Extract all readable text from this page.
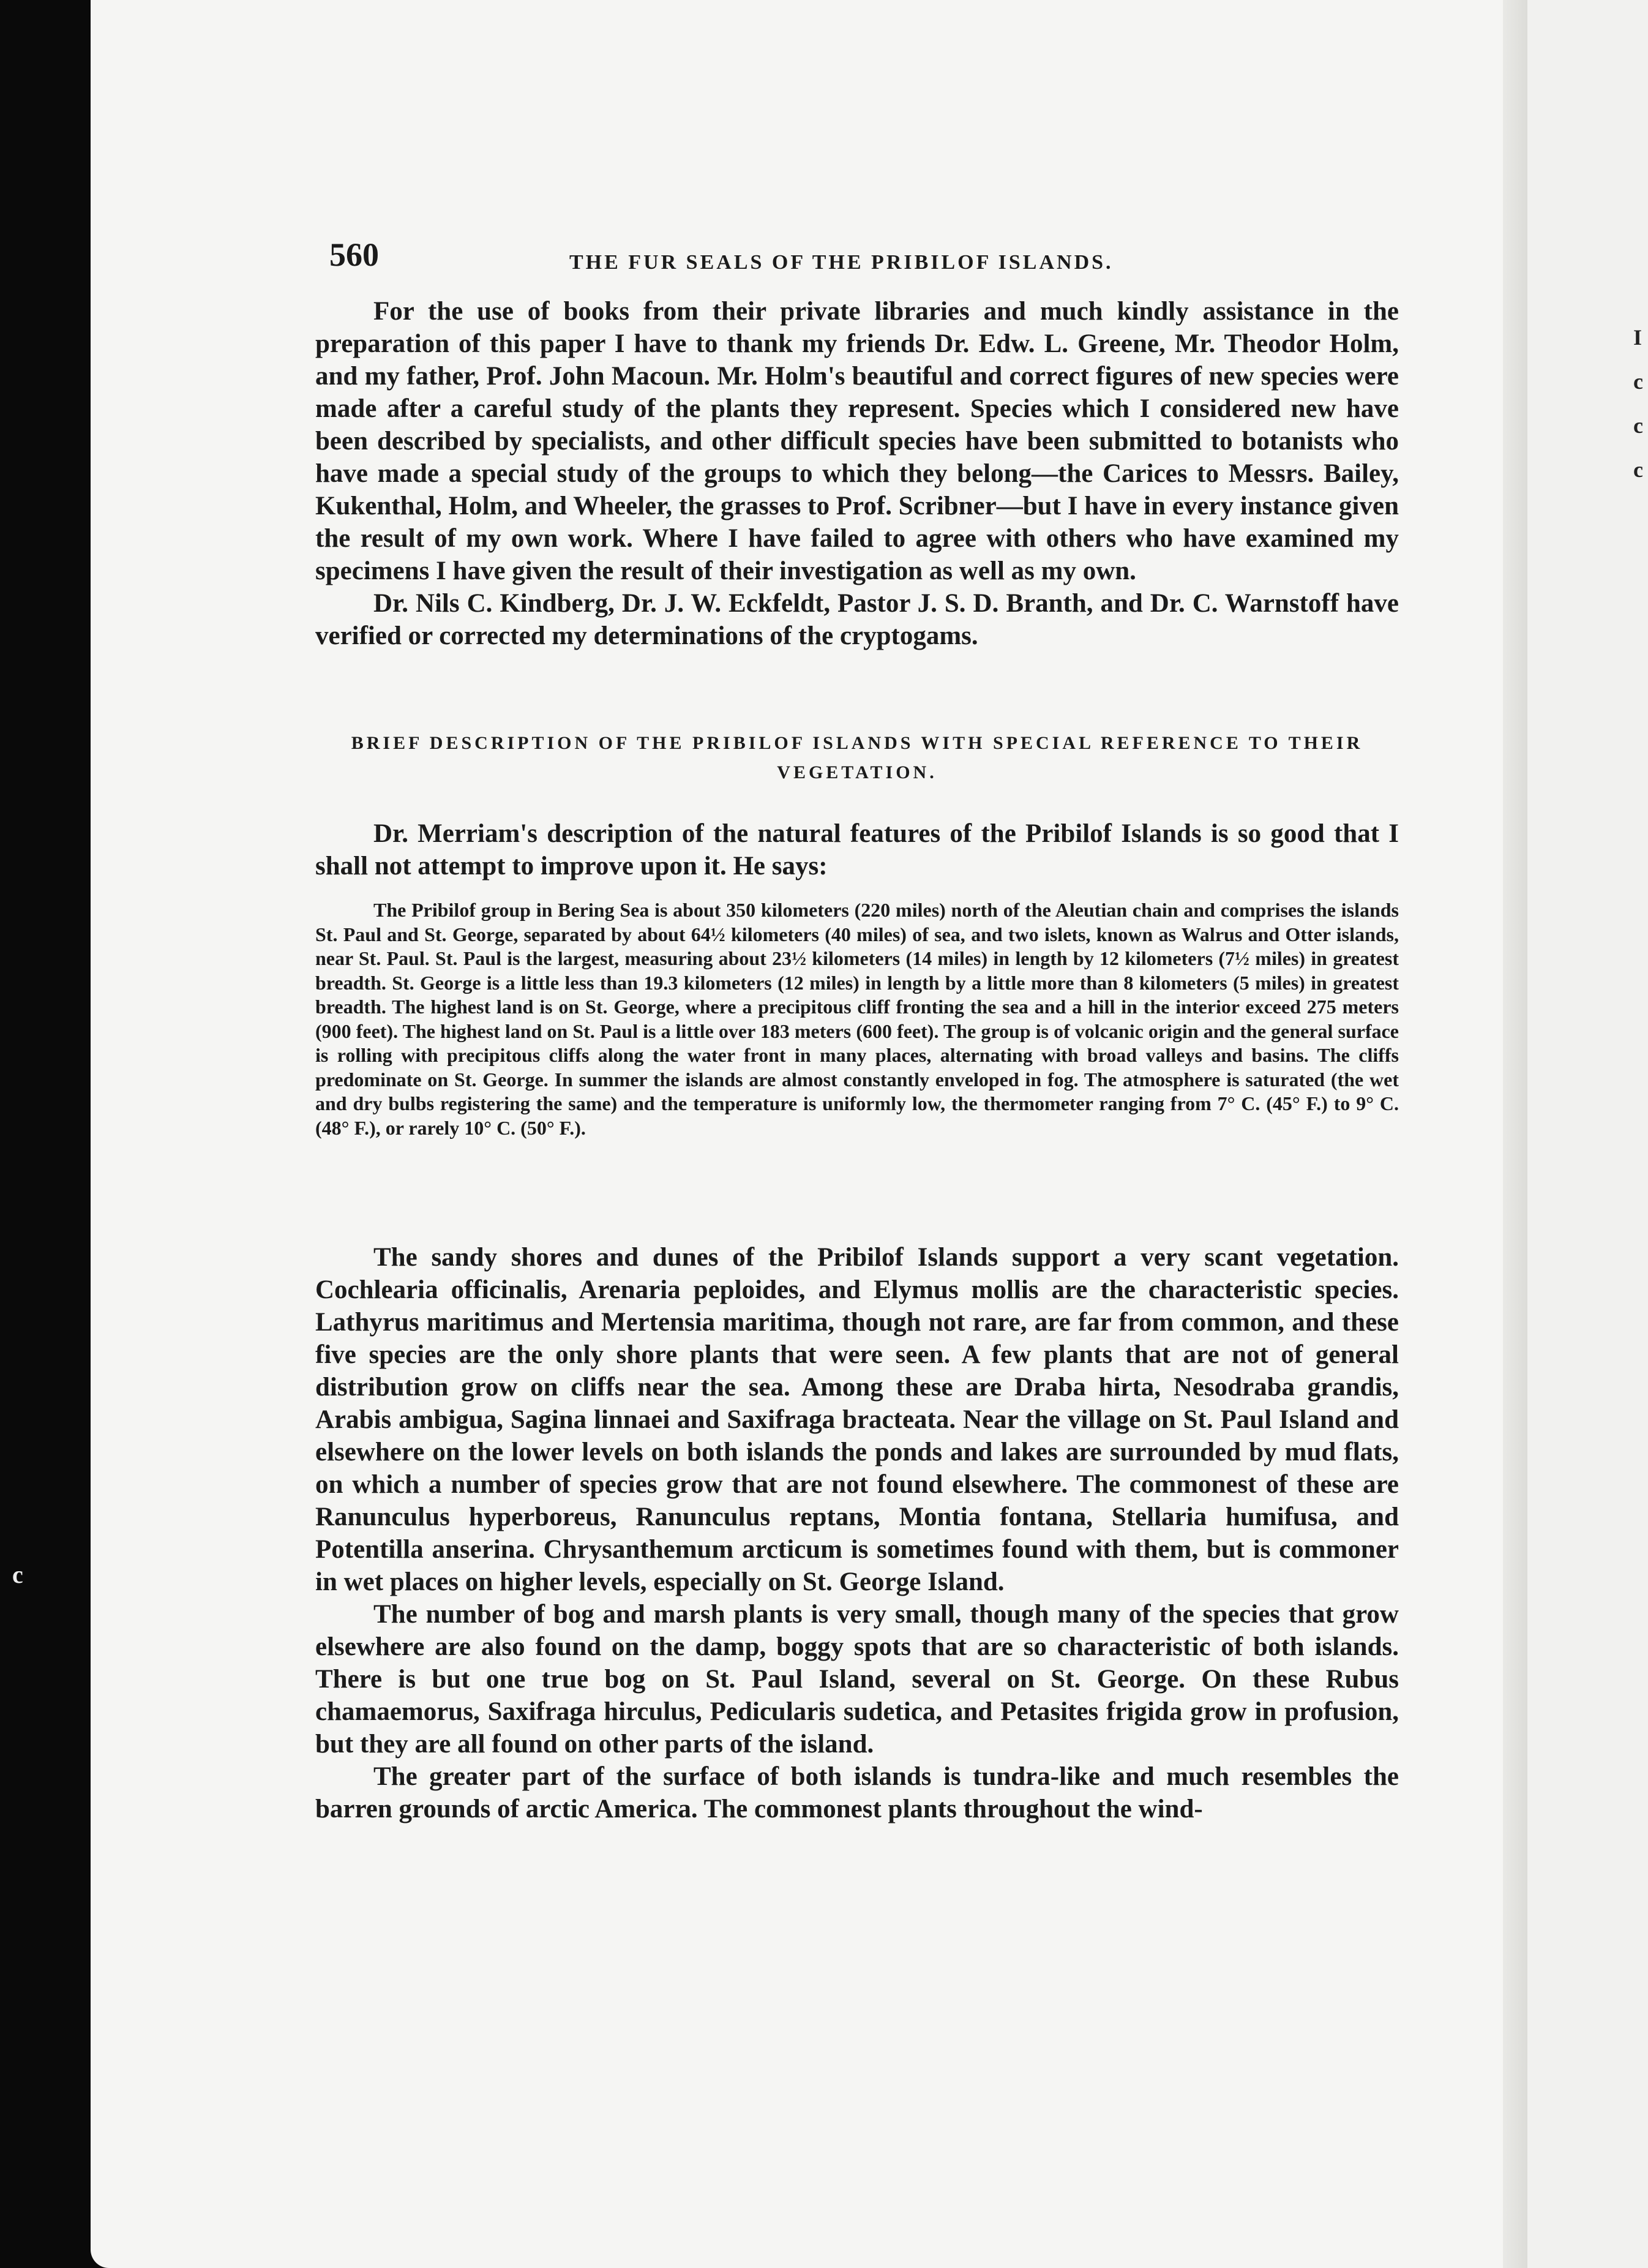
I
c
c
c
c
560	THE FUR SEALS OF THE PRIBILOF ISLANDS.

For the use of books from their private libraries and much kindly assistance in the preparation of this paper I have to thank my friends Dr. Edw. L. Greene, Mr. Theodor Holm, and my father, Prof. John Macoun. Mr. Holm's beautiful and correct figures of new species were made after a careful study of the plants they represent. Species which I considered new have been described by specialists, and other difficult species have been submitted to botanists who have made a special study of the groups to which they belong—the Carices to Messrs. Bailey, Kukenthal, Holm, and Wheeler, the grasses to Prof. Scribner—but I have in every instance given the result of my own work. Where I have failed to agree with others who have examined my specimens I have given the result of their investigation as well as my own.

Dr. Nils C. Kindberg, Dr. J. W. Eckfeldt, Pastor J. S. D. Branth, and Dr. C. Warnstoff have verified or corrected my determinations of the cryptogams.

BRIEF DESCRIPTION OF THE PRIBILOF ISLANDS WITH SPECIAL REFERENCE TO THEIR VEGETATION.

Dr. Merriam's description of the natural features of the Pribilof Islands is so good that I shall not attempt to improve upon it. He says:

The Pribilof group in Bering Sea is about 350 kilometers (220 miles) north of the Aleutian chain and comprises the islands St. Paul and St. George, separated by about 64½ kilometers (40 miles) of sea, and two islets, known as Walrus and Otter islands, near St. Paul. St. Paul is the largest, measuring about 23½ kilometers (14 miles) in length by 12 kilometers (7½ miles) in greatest breadth. St. George is a little less than 19.3 kilometers (12 miles) in length by a little more than 8 kilometers (5 miles) in greatest breadth. The highest land is on St. George, where a precipitous cliff fronting the sea and a hill in the interior exceed 275 meters (900 feet). The highest land on St. Paul is a little over 183 meters (600 feet). The group is of volcanic origin and the general surface is rolling with precipitous cliffs along the water front in many places, alternating with broad valleys and basins. The cliffs predominate on St. George. In summer the islands are almost constantly enveloped in fog. The atmosphere is saturated (the wet and dry bulbs registering the same) and the temperature is uniformly low, the thermometer ranging from 7° C. (45° F.) to 9° C. (48° F.), or rarely 10° C. (50° F.).

The sandy shores and dunes of the Pribilof Islands support a very scant vegetation. Cochlearia officinalis, Arenaria peploides, and Elymus mollis are the characteristic species. Lathyrus maritimus and Mertensia maritima, though not rare, are far from common, and these five species are the only shore plants that were seen. A few plants that are not of general distribution grow on cliffs near the sea. Among these are Draba hirta, Nesodraba grandis, Arabis ambigua, Sagina linnaei and Saxifraga bracteata. Near the village on St. Paul Island and elsewhere on the lower levels on both islands the ponds and lakes are surrounded by mud flats, on which a number of species grow that are not found elsewhere. The commonest of these are Ranunculus hyperboreus, Ranunculus reptans, Montia fontana, Stellaria humifusa, and Potentilla anserina. Chrysanthemum arcticum is sometimes found with them, but is commoner in wet places on higher levels, especially on St. George Island.

The number of bog and marsh plants is very small, though many of the species that grow elsewhere are also found on the damp, boggy spots that are so characteristic of both islands. There is but one true bog on St. Paul Island, several on St. George. On these Rubus chamaemorus, Saxifraga hirculus, Pedicularis sudetica, and Petasites frigida grow in profusion, but they are all found on other parts of the island.

The greater part of the surface of both islands is tundra-like and much resembles the barren grounds of arctic America. The commonest plants throughout the wind-
